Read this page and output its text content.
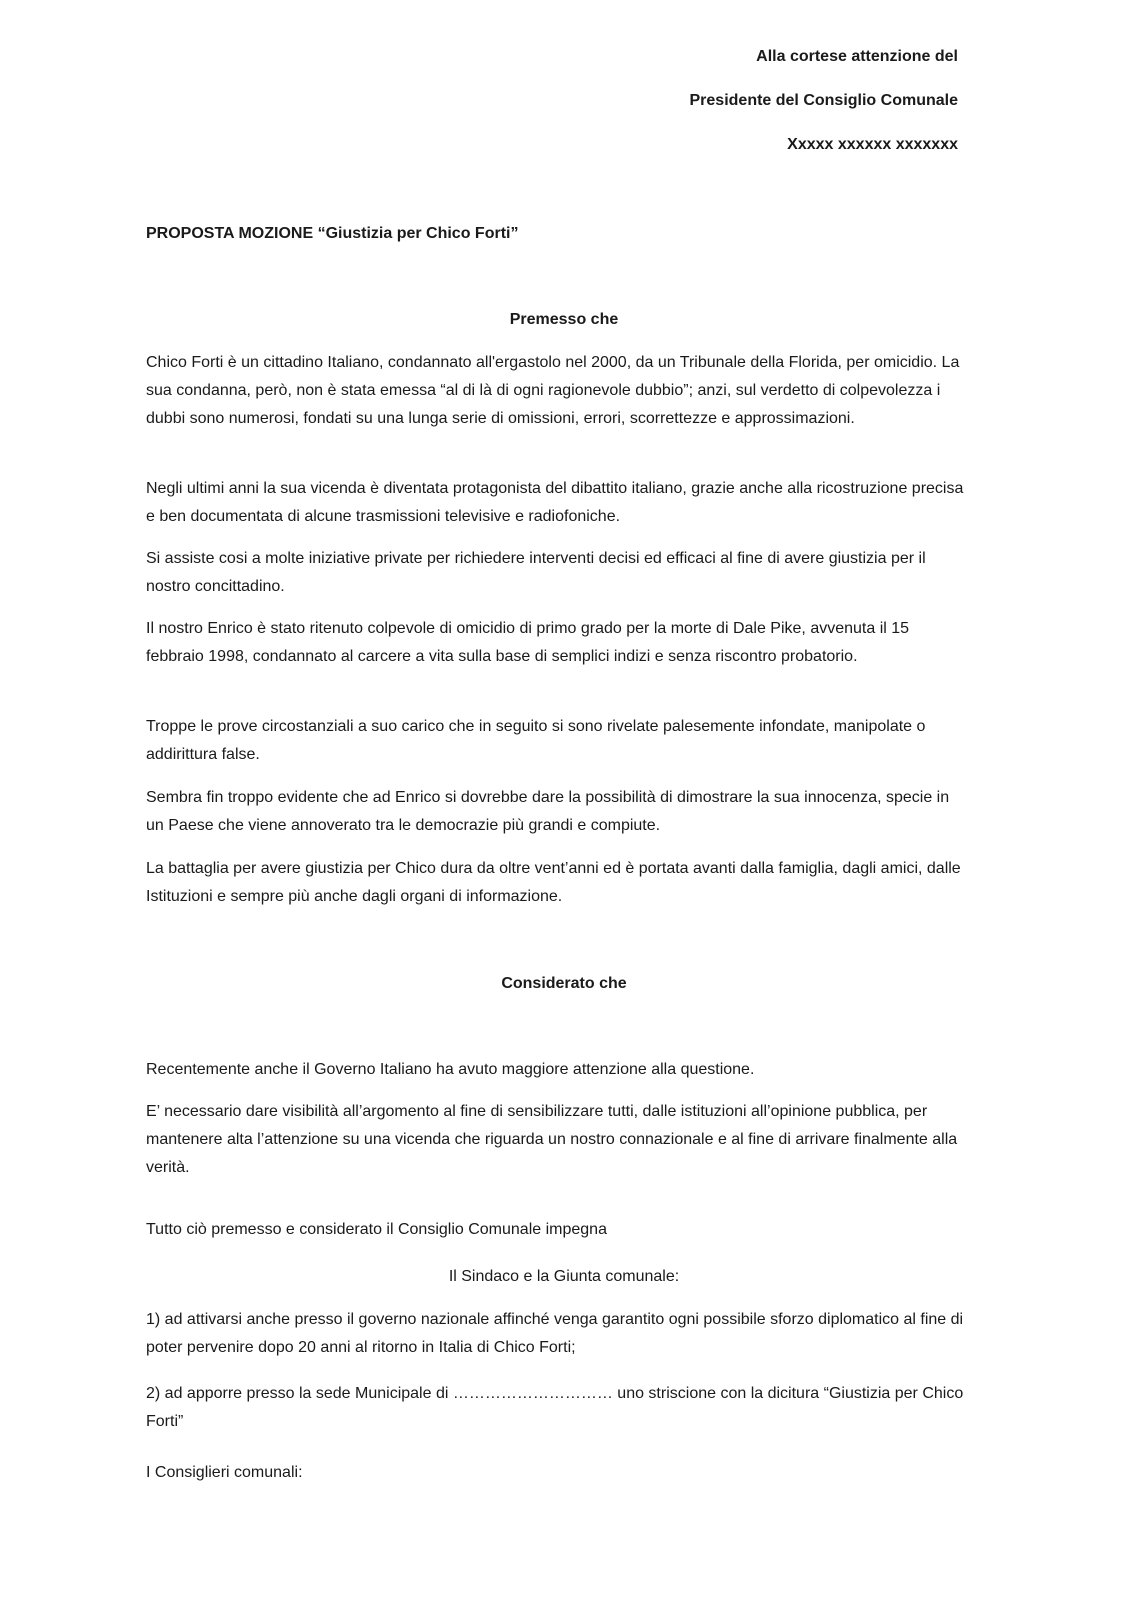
Alla cortese attenzione del
Presidente del Consiglio Comunale
Xxxxx xxxxxx xxxxxxx
PROPOSTA MOZIONE “Giustizia per Chico Forti”
Premesso che

Chico Forti è un cittadino Italiano, condannato all'ergastolo nel 2000, da un Tribunale della Florida, per omicidio. La sua condanna, però, non è stata emessa “al di là di ogni ragionevole dubbio”; anzi, sul verdetto di colpevolezza i dubbi sono numerosi, fondati su una lunga serie di omissioni, errori, scorrettezze e approssimazioni.

Negli ultimi anni la sua vicenda è diventata protagonista del dibattito italiano, grazie anche alla ricostruzione precisa e ben documentata di alcune trasmissioni televisive e radiofoniche.

Si assiste cosi a molte iniziative private per richiedere interventi decisi ed efficaci al fine di avere giustizia per il nostro concittadino.

Il nostro Enrico è stato ritenuto colpevole di omicidio di primo grado per la morte di Dale Pike, avvenuta il 15 febbraio 1998, condannato al carcere a vita sulla base di semplici indizi e senza riscontro probatorio.

Troppe le prove circostanziali a suo carico che in seguito si sono rivelate palesemente infondate, manipolate o addirittura false.

Sembra fin troppo evidente che ad Enrico si dovrebbe dare la possibilità di dimostrare la sua innocenza, specie in un Paese che viene annoverato tra le democrazie più grandi e compiute.

La battaglia per avere giustizia per Chico dura da oltre vent’anni ed è portata avanti dalla famiglia, dagli amici, dalle Istituzioni e sempre più anche dagli organi di informazione.

Considerato che

Recentemente anche il Governo Italiano ha avuto maggiore attenzione alla questione.

E’ necessario dare visibilità all’argomento al fine di sensibilizzare tutti, dalle istituzioni all’opinione pubblica, per mantenere alta l’attenzione su una vicenda che riguarda un nostro connazionale e al fine di arrivare finalmente alla verità.

Tutto ciò premesso e considerato il Consiglio Comunale impegna

Il Sindaco e la Giunta comunale:

1) ad attivarsi anche presso il governo nazionale affinché venga garantito ogni possibile sforzo diplomatico al fine di poter pervenire dopo 20 anni al ritorno in Italia di Chico Forti;

2) ad apporre presso la sede Municipale di ………………………… uno striscione con la dicitura “Giustizia per Chico Forti”

I Consiglieri comunali:
